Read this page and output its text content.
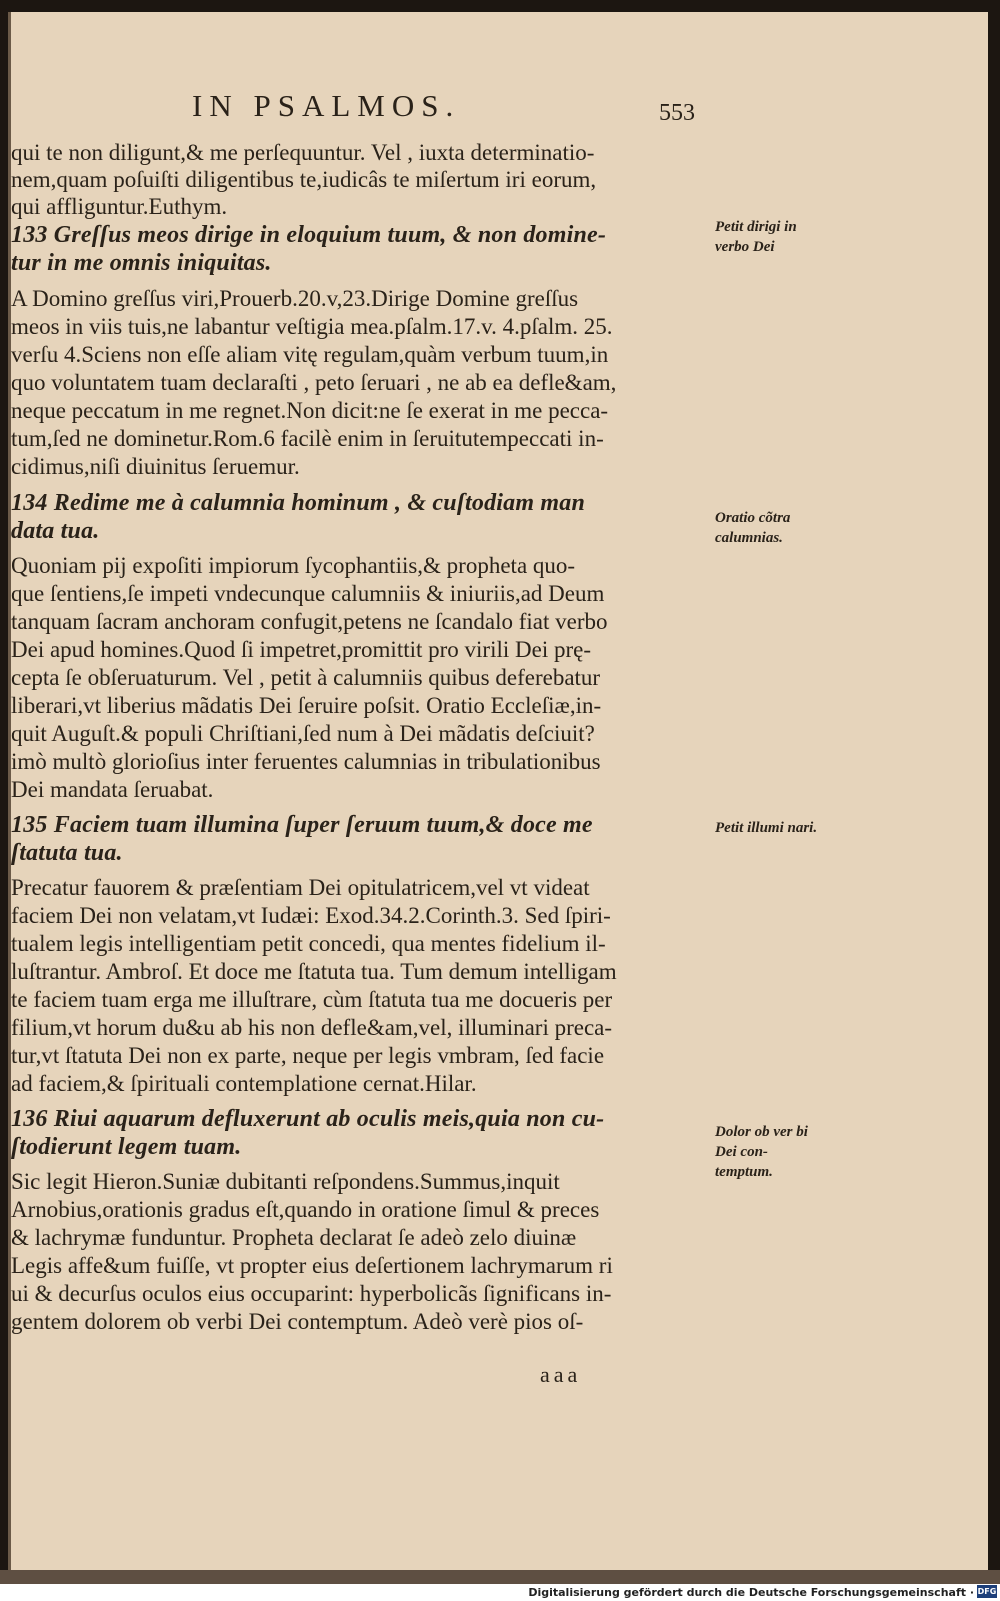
IN PSALMOS.	553
qui te non diligunt,& me perſequuntur. Vel , iuxta determinatio-
nem,quam poſuiſti diligentibus te,iudicâs te miſertum iri eorum,
qui affliguntur.Euthym.
133 Greſſus meos dirige in eloquium tuum, & non domine-
tur in me omnis iniquitas.
A Domino greſſus viri,Prouerb.20.v,23.Dirige Domine greſſus
meos in viis tuis,ne labantur veſtigia mea.pſalm.17.v. 4.pſalm. 25.
verſu 4.Sciens non eſſe aliam vitę regulam,quàm verbum tuum,in
quo voluntatem tuam declaraſti , peto ſeruari , ne ab ea defle&am,
neque peccatum in me regnet.Non dicit:ne ſe exerat in me pecca-
tum,ſed ne dominetur.Rom.6 facilè enim in ſeruitutempeccati in-
cidimus,niſi diuinitus ſeruemur.
134 Redime me à calumnia hominum , & cuſtodiam man
data tua.
Quoniam pij expoſiti impiorum ſycophantiis,& propheta quo-
que ſentiens,ſe impeti vndecunque calumniis & iniuriis,ad Deum
tanquam ſacram anchoram confugit,petens ne ſcandalo fiat verbo
Dei apud homines.Quod ſi impetret,promittit pro virili Dei prę-
cepta ſe obſeruaturum. Vel , petit à calumniis quibus deferebatur
liberari,vt liberius mãdatis Dei ſeruire poſsit. Oratio Eccleſiæ,in-
quit Auguſt.& populi Chriſtiani,ſed num à Dei mãdatis deſciuit?
imò multò glorioſius inter feruentes calumnias in tribulationibus
Dei mandata ſeruabat.
135 Faciem tuam illumina ſuper ſeruum tuum,& doce me
ſtatuta tua.
Precatur fauorem & præſentiam Dei opitulatricem,vel vt videat
faciem Dei non velatam,vt Iudæi: Exod.34.2.Corinth.3. Sed ſpiri-
tualem legis intelligentiam petit concedi, qua mentes fidelium il-
luſtrantur. Ambroſ. Et doce me ſtatuta tua. Tum demum intelligam
te faciem tuam erga me illuſtrare, cùm ſtatuta tua me docueris per
filium,vt horum du&u ab his non defle&am,vel, illuminari preca-
tur,vt ſtatuta Dei non ex parte, neque per legis vmbram, ſed facie
ad faciem,& ſpirituali contemplatione cernat.Hilar.
136 Riui aquarum defluxerunt ab oculis meis,quia non cu-
ſtodierunt legem tuam.
Sic legit Hieron.Suniæ dubitanti reſpondens.Summus,inquit
Arnobius,orationis gradus eſt,quando in oratione ſimul & preces
& lachrymæ funduntur. Propheta declarat ſe adeò zelo diuinæ
Legis affe&um fuiſſe, vt propter eius deſertionem lachrymarum ri
ui & decurſus oculos eius occuparint: hyperbolicãs ſignificans in-
gentem dolorem ob verbi Dei contemptum. Adeò verè pios oſ-
Petit dirigi in verbo Dei
Oratio cõtra calumnias.
Petit illumi nari.
Dolor ob ver bi Dei con- temptum.
aaa
Digitalisierung gefördert durch die Deutsche Forschungsgemeinschaft · DFG
